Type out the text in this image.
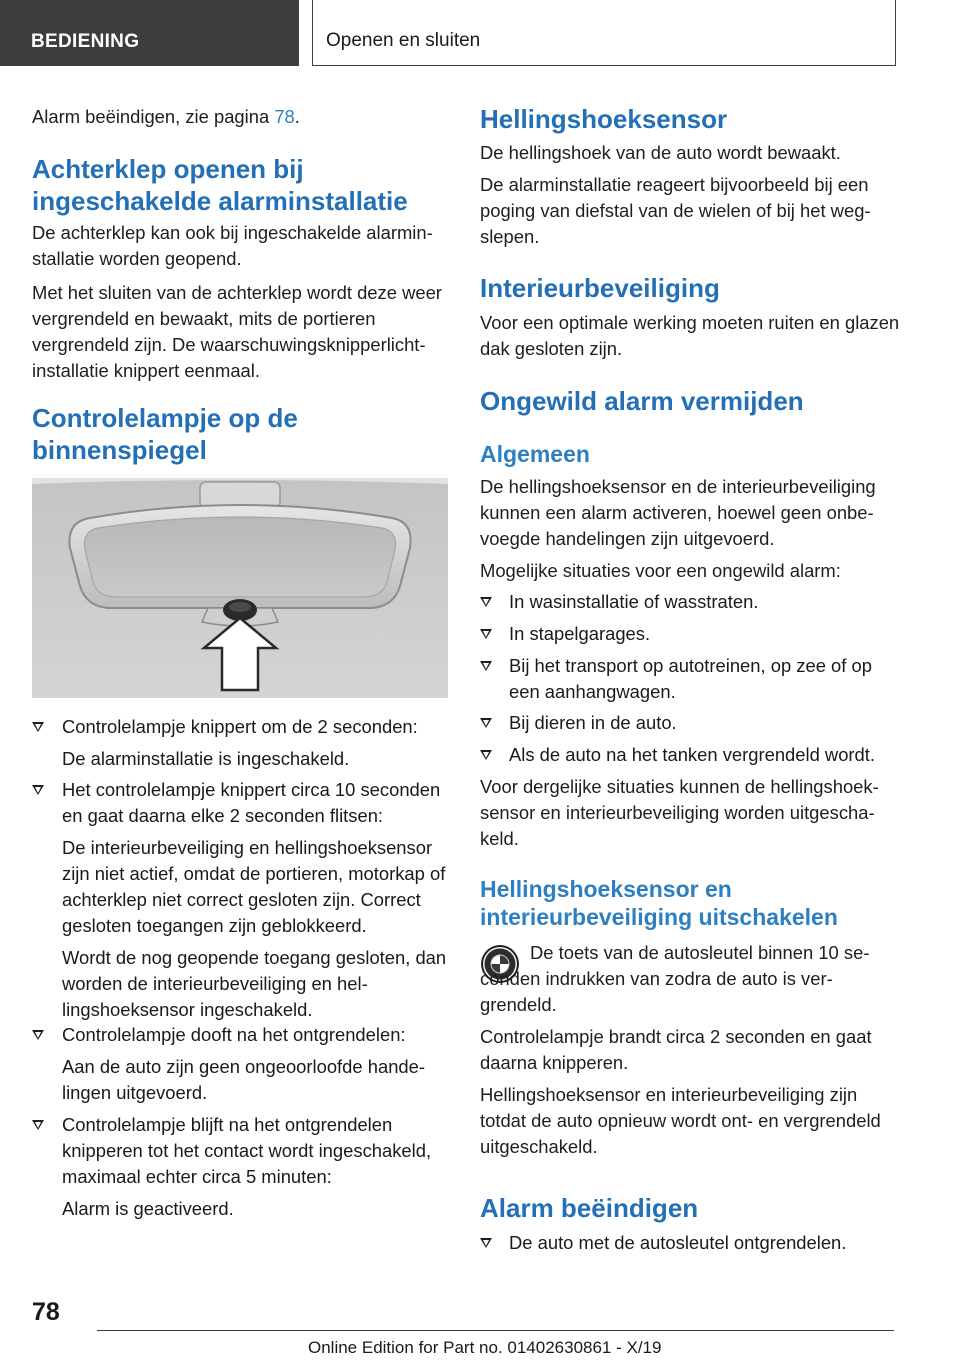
BEDIENING	Openen en sluiten

Alarm beëindigen, zie pagina 78.

Achterklep openen bij ingeschakelde alarminstallatie

De achterklep kan ook bij ingeschakelde alarminstallatie worden geopend.

Met het sluiten van de achterklep wordt deze weer vergrendeld en bewaakt, mits de portieren vergrendeld zijn. De waarschuwingsknipperlichtinstallatie knippert eenmaal.

Controlelampje op de binnenspiegel
Controlelampje knippert om de 2 seconden:
De alarminstallatie is ingeschakeld.
Het controlelampje knippert circa 10 seconden en gaat daarna elke 2 seconden flitsen:
De interieurbeveiliging en hellingshoeksensor zijn niet actief, omdat de portieren, motorkap of achterklep niet correct gesloten zijn. Correct gesloten toegangen zijn geblokkeerd.
Wordt de nog geopende toegang gesloten, dan worden de interieurbeveiliging en hellingshoeksensor ingeschakeld.
Controlelampje dooft na het ontgrendelen:
Aan de auto zijn geen ongeoorloofde handelingen uitgevoerd.
Controlelampje blijft na het ontgrendelen knipperen tot het contact wordt ingeschakeld, maximaal echter circa 5 minuten:
Alarm is geactiveerd.
Hellingshoeksensor

De hellingshoek van de auto wordt bewaakt.

De alarminstallatie reageert bijvoorbeeld bij een poging van diefstal van de wielen of bij het wegslepen.

Interieurbeveiliging

Voor een optimale werking moeten ruiten en glazen dak gesloten zijn.

Ongewild alarm vermijden
Algemeen

De hellingshoeksensor en de interieurbeveiliging kunnen een alarm activeren, hoewel geen onbevoegde handelingen zijn uitgevoerd.

Mogelijke situaties voor een ongewild alarm:

In wasinstallatie of wasstraten.
In stapelgarages.
Bij het transport op autotreinen, op zee of op een aanhangwagen.
Bij dieren in de auto.
Als de auto na het tanken vergrendeld wordt.

Voor dergelijke situaties kunnen de hellingshoeksensor en interieurbeveiliging worden uitgeschakeld.

Hellingshoeksensor en interieurbeveiliging uitschakelen

De toets van de autosleutel binnen 10 seconden indrukken van zodra de auto is vergrendeld.

Controlelampje brandt circa 2 seconden en gaat daarna knipperen.

Hellingshoeksensor en interieurbeveiliging zijn totdat de auto opnieuw wordt ont- en vergrendeld uitgeschakeld.

Alarm beëindigen
De auto met de autosleutel ontgrendelen.
78
Online Edition for Part no. 01402630861 - X/19
